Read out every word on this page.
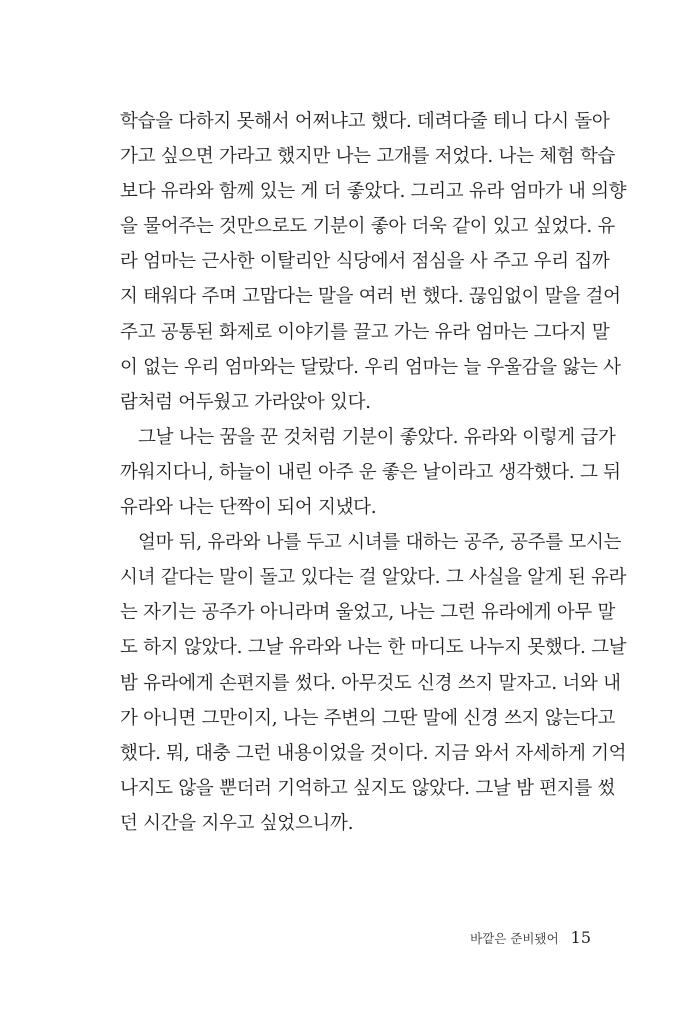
학습을 다하지 못해서 어쩌냐고 했다. 데려다줄 테니 다시 돌아
가고 싶으면 가라고 했지만 나는 고개를 저었다. 나는 체험 학습
보다 유라와 함께 있는 게 더 좋았다. 그리고 유라 엄마가 내 의향
을 물어주는 것만으로도 기분이 좋아 더욱 같이 있고 싶었다. 유
라 엄마는 근사한 이탈리안 식당에서 점심을 사 주고 우리 집까
지 태워다 주며 고맙다는 말을 여러 번 했다. 끊임없이 말을 걸어
주고 공통된 화제로 이야기를 끌고 가는 유라 엄마는 그다지 말
이 없는 우리 엄마와는 달랐다. 우리 엄마는 늘 우울감을 앓는 사
람처럼 어두웠고 가라앉아 있다.
그날 나는 꿈을 꾼 것처럼 기분이 좋았다. 유라와 이렇게 급가
까워지다니, 하늘이 내린 아주 운 좋은 날이라고 생각했다. 그 뒤
유라와 나는 단짝이 되어 지냈다.
얼마 뒤, 유라와 나를 두고 시녀를 대하는 공주, 공주를 모시는
시녀 같다는 말이 돌고 있다는 걸 알았다. 그 사실을 알게 된 유라
는 자기는 공주가 아니라며 울었고, 나는 그런 유라에게 아무 말
도 하지 않았다. 그날 유라와 나는 한 마디도 나누지 못했다. 그날
밤 유라에게 손편지를 썼다. 아무것도 신경 쓰지 말자고. 너와 내
가 아니면 그만이지, 나는 주변의 그딴 말에 신경 쓰지 않는다고
했다. 뭐, 대충 그런 내용이었을 것이다. 지금 와서 자세하게 기억
나지도 않을 뿐더러 기억하고 싶지도 않았다. 그날 밤 편지를 썼
던 시간을 지우고 싶었으니까.
바깥은 준비됐어 15
